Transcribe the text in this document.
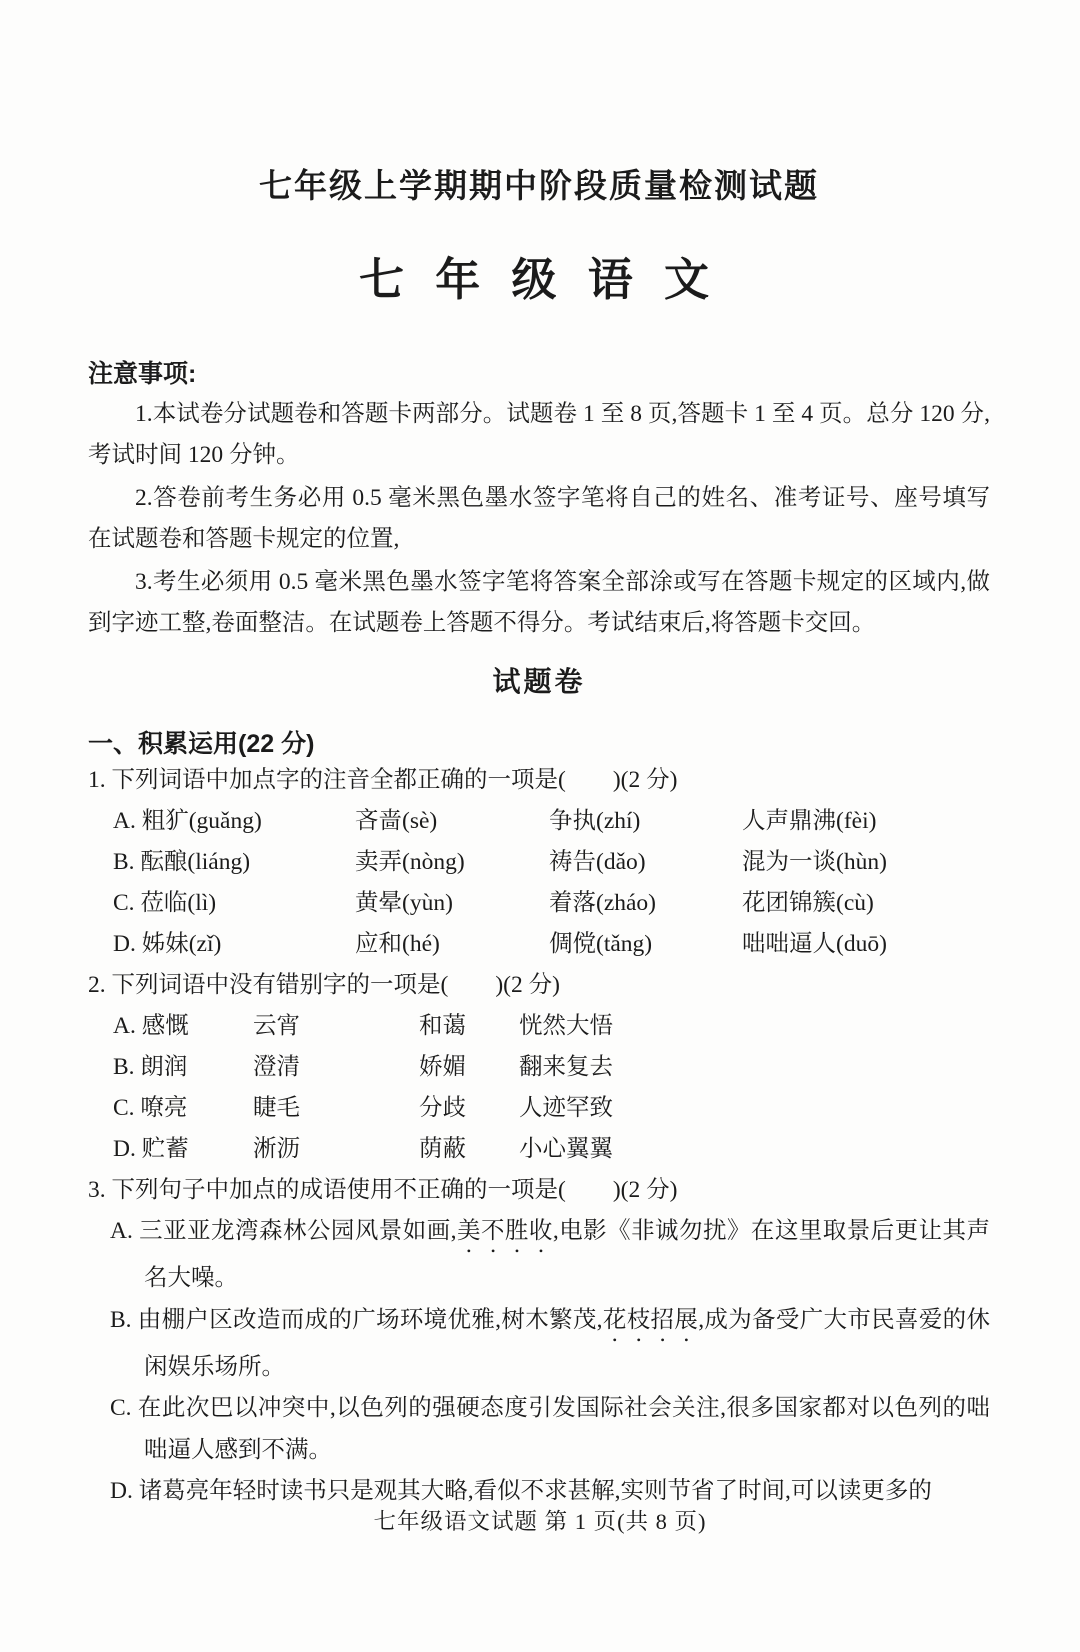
七年级上学期期中阶段质量检测试题
七 年 级 语 文
注意事项:

1.本试卷分试题卷和答题卡两部分。试题卷 1 至 8 页,答题卡 1 至 4 页。总分 120 分,考试时间 120 分钟。

2.答卷前考生务必用 0.5 毫米黑色墨水签字笔将自己的姓名、准考证号、座号填写在试题卷和答题卡规定的位置,

3.考生必须用 0.5 毫米黑色墨水签字笔将答案全部涂或写在答题卡规定的区域内,做到字迹工整,卷面整洁。在试题卷上答题不得分。考试结束后,将答题卡交回。

试题卷
一、积累运用(22 分)

1. 下列词语中加点字的注音全都正确的一项是(　　)(2 分)

A. 粗犷(guǎng)	吝啬(sè)	争执(zhí)	人声鼎沸(fèi)
B. 酝酿(liáng)	卖弄(nòng)	祷告(dǎo)	混为一谈(hùn)
C. 莅临(lì)	黄晕(yùn)	着落(zháo)	花团锦簇(cù)
D. 姊妹(zǐ)	应和(hé)	倜傥(tǎng)	咄咄逼人(duō)

2. 下列词语中没有错别字的一项是(　　)(2 分)

A. 感慨	云宵	和蔼	恍然大悟
B. 朗润	澄清	娇媚	翻来复去
C. 嘹亮	睫毛	分歧	人迹罕致
D. 贮蓄	淅沥	荫蔽	小心翼翼

3. 下列句子中加点的成语使用不正确的一项是(　　)(2 分)

A. 三亚亚龙湾森林公园风景如画,美不胜收,电影《非诚勿扰》在这里取景后更让其声名大噪。

B. 由棚户区改造而成的广场环境优雅,树木繁茂,花枝招展,成为备受广大市民喜爱的休闲娱乐场所。

C. 在此次巴以冲突中,以色列的强硬态度引发国际社会关注,很多国家都对以色列的咄咄逼人感到不满。

D. 诸葛亮年轻时读书只是观其大略,看似不求甚解,实则节省了时间,可以读更多的

七年级语文试题 第 1 页(共 8 页)
